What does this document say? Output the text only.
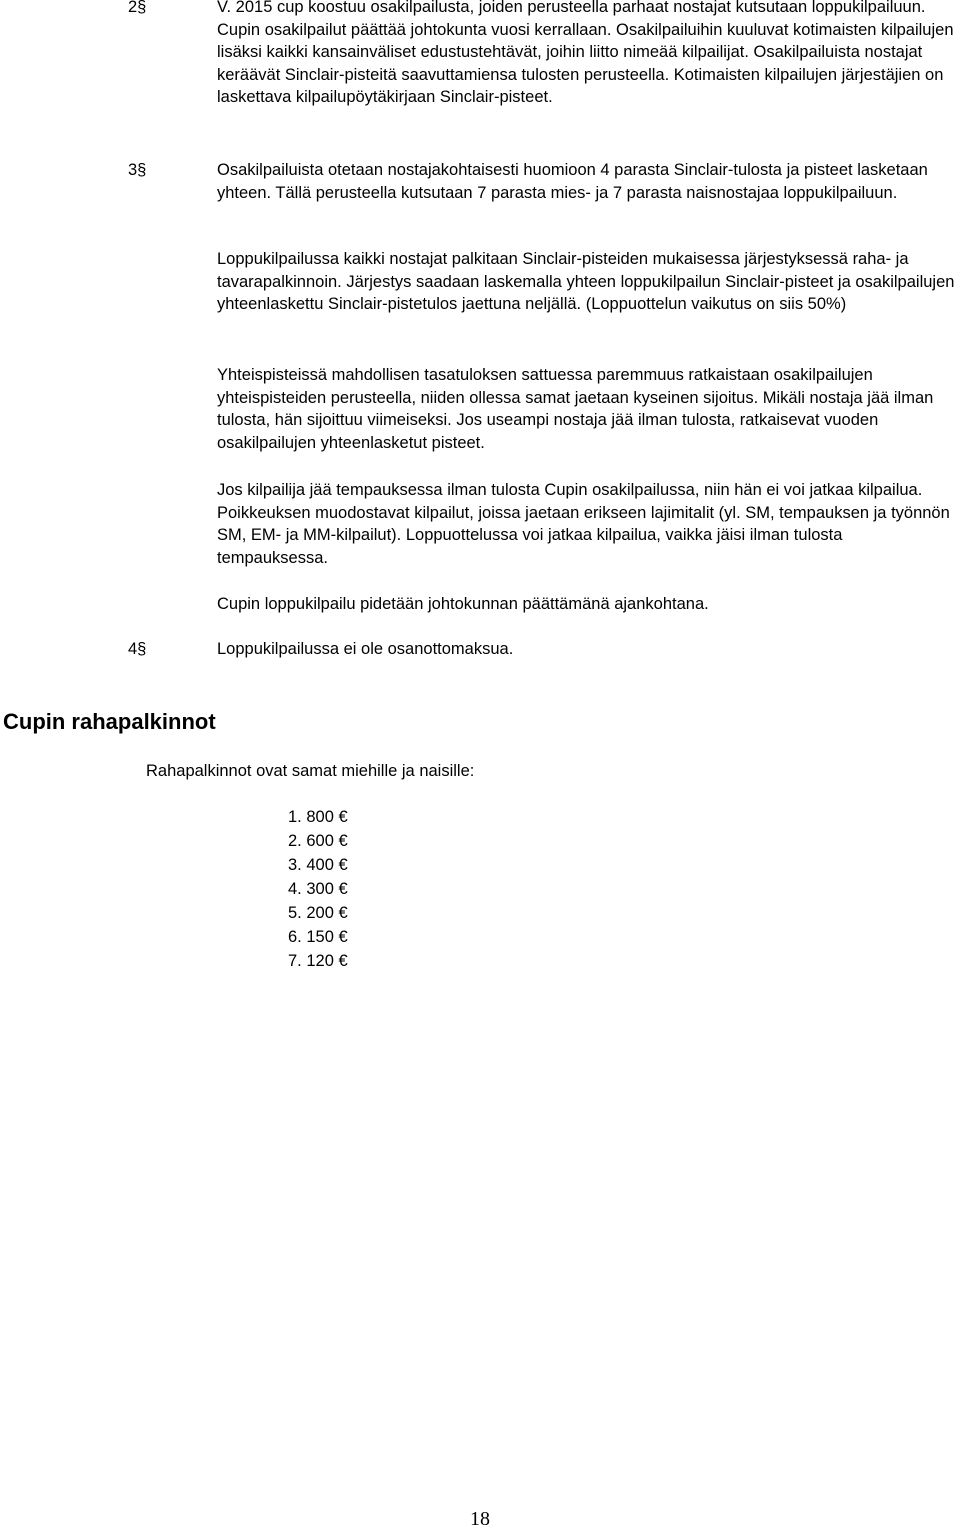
2§	V. 2015 cup koostuu osakilpailusta, joiden perusteella parhaat nostajat kutsutaan loppukilpailuun. Cupin osakilpailut päättää johtokunta vuosi kerrallaan. Osakilpailuihin kuuluvat kotimaisten kilpailujen lisäksi kaikki kansainväliset edustustehtävät, joihin liitto nimeää kilpailijat. Osakilpailuista nostajat keräävät Sinclair-pisteitä saavuttamiensa tulosten perusteella. Kotimaisten kilpailujen järjestäjien on laskettava kilpailupöytäkirjaan Sinclair-pisteet.

3§	Osakilpailuista otetaan nostajakohtaisesti huomioon 4 parasta Sinclair-tulosta ja pisteet lasketaan yhteen. Tällä perusteella kutsutaan 7 parasta mies- ja 7 parasta naisnostajaa loppukilpailuun.

Loppukilpailussa kaikki nostajat palkitaan Sinclair-pisteiden mukaisessa järjestyksessä raha- ja tavarapalkinnoin. Järjestys saadaan laskemalla yhteen loppukilpailun Sinclair-pisteet ja osakilpailujen yhteenlaskettu Sinclair-pistetulos jaettuna neljällä. (Loppuottelun vaikutus on siis 50%)

Yhteispisteissä mahdollisen tasatuloksen sattuessa paremmuus ratkaistaan osakilpailujen yhteispisteiden perusteella, niiden ollessa samat jaetaan kyseinen sijoitus. Mikäli nostaja jää ilman tulosta, hän sijoittuu viimeiseksi. Jos useampi nostaja jää ilman tulosta, ratkaisevat vuoden osakilpailujen yhteenlasketut pisteet.

Jos kilpailija jää tempauksessa ilman tulosta Cupin osakilpailussa, niin hän ei voi jatkaa kilpailua. Poikkeuksen muodostavat kilpailut, joissa jaetaan erikseen lajimitalit (yl. SM, tempauksen ja työnnön SM, EM- ja MM-kilpailut). Loppuottelussa voi jatkaa kilpailua, vaikka jäisi ilman tulosta tempauksessa.

Cupin loppukilpailu pidetään johtokunnan päättämänä ajankohtana.

4§	Loppukilpailussa ei ole osanottomaksua.

Cupin rahapalkinnot

Rahapalkinnot ovat samat miehille ja naisille:

1. 800 €
2. 600 €
3. 400 €
4. 300 €
5. 200 €
6. 150 €
7. 120 €
18
